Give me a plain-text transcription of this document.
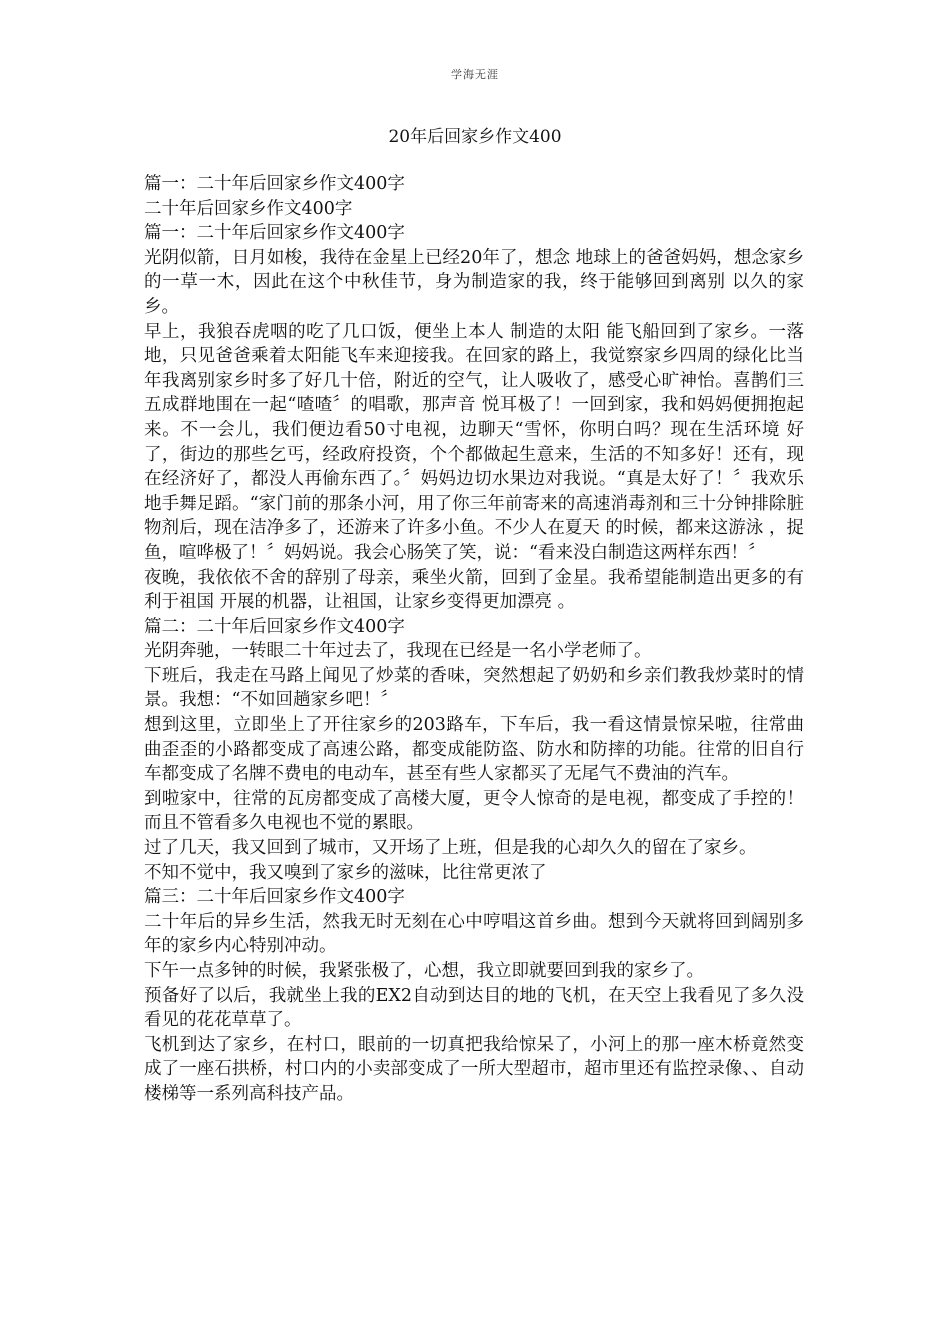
学海无涯
20年后回家乡作文400

篇一：二十年后回家乡作文400字

二十年后回家乡作文400字

篇一：二十年后回家乡作文400字

光阴似箭，日月如梭，我待在金星上已经20年了，想念 地球上的爸爸妈妈，想念家乡 的一草一木，因此在这个中秋佳节，身为制造家的我，终于能够回到离别 以久的家乡。

早上，我狼吞虎咽的吃了几口饭，便坐上本人 制造的太阳 能飞船回到了家乡。一落地，只见爸爸乘着太阳能飞车来迎接我。在回家的路上，我觉察家乡四周的绿化比当年我离别家乡时多了好几十倍，附近的空气，让人吸收了，感受心旷神怡。喜鹊们三五成群地围在一起“喳喳〞的唱歌，那声音 悦耳极了！一回到家，我和妈妈便拥抱起来。不一会儿，我们便边看50寸电视，边聊天“雪怀，你明白吗？现在生活环境 好了，街边的那些乞丐，经政府投资，个个都做起生意来，生活的不知多好！还有，现在经济好了，都没人再偷东西了。〞妈妈边切水果边对我说。“真是太好了！〞我欢乐地手舞足蹈。“家门前的那条小河，用了你三年前寄来的高速消毒剂和三十分钟排除脏物剂后，现在洁净多了，还游来了许多小鱼。不少人在夏天 的时候，都来这游泳 ，捉鱼，喧哗极了！〞妈妈说。我会心肠笑了笑，说：“看来没白制造这两样东西！〞

夜晚，我依依不舍的辞别了母亲，乘坐火箭，回到了金星。我希望能制造出更多的有利于祖国 开展的机器，让祖国，让家乡变得更加漂亮 。

篇二：二十年后回家乡作文400字

光阴奔驰，一转眼二十年过去了，我现在已经是一名小学老师了。

下班后，我走在马路上闻见了炒菜的香味，突然想起了奶奶和乡亲们教我炒菜时的情景。我想：“不如回趟家乡吧！〞

想到这里，立即坐上了开往家乡的203路车，下车后，我一看这情景惊呆啦，往常曲曲歪歪的小路都变成了高速公路，都变成能防盗、防水和防摔的功能。往常的旧自行车都变成了名牌不费电的电动车，甚至有些人家都买了无尾气不费油的汽车。

到啦家中，往常的瓦房都变成了高楼大厦，更令人惊奇的是电视，都变成了手控的！而且不管看多久电视也不觉的累眼。

过了几天，我又回到了城市，又开场了上班，但是我的心却久久的留在了家乡。

不知不觉中，我又嗅到了家乡的滋味，比往常更浓了

篇三：二十年后回家乡作文400字

二十年后的异乡生活，然我无时无刻在心中哼唱这首乡曲。想到今天就将回到阔别多年的家乡内心特别冲动。

下午一点多钟的时候，我紧张极了，心想，我立即就要回到我的家乡了。

预备好了以后，我就坐上我的EX2自动到达目的地的飞机，在天空上我看见了多久没看见的花花草草了。

飞机到达了家乡，在村口，眼前的一切真把我给惊呆了，小河上的那一座木桥竟然变成了一座石拱桥，村口内的小卖部变成了一所大型超市，超市里还有监控录像、、自动楼梯等一系列高科技产品。
